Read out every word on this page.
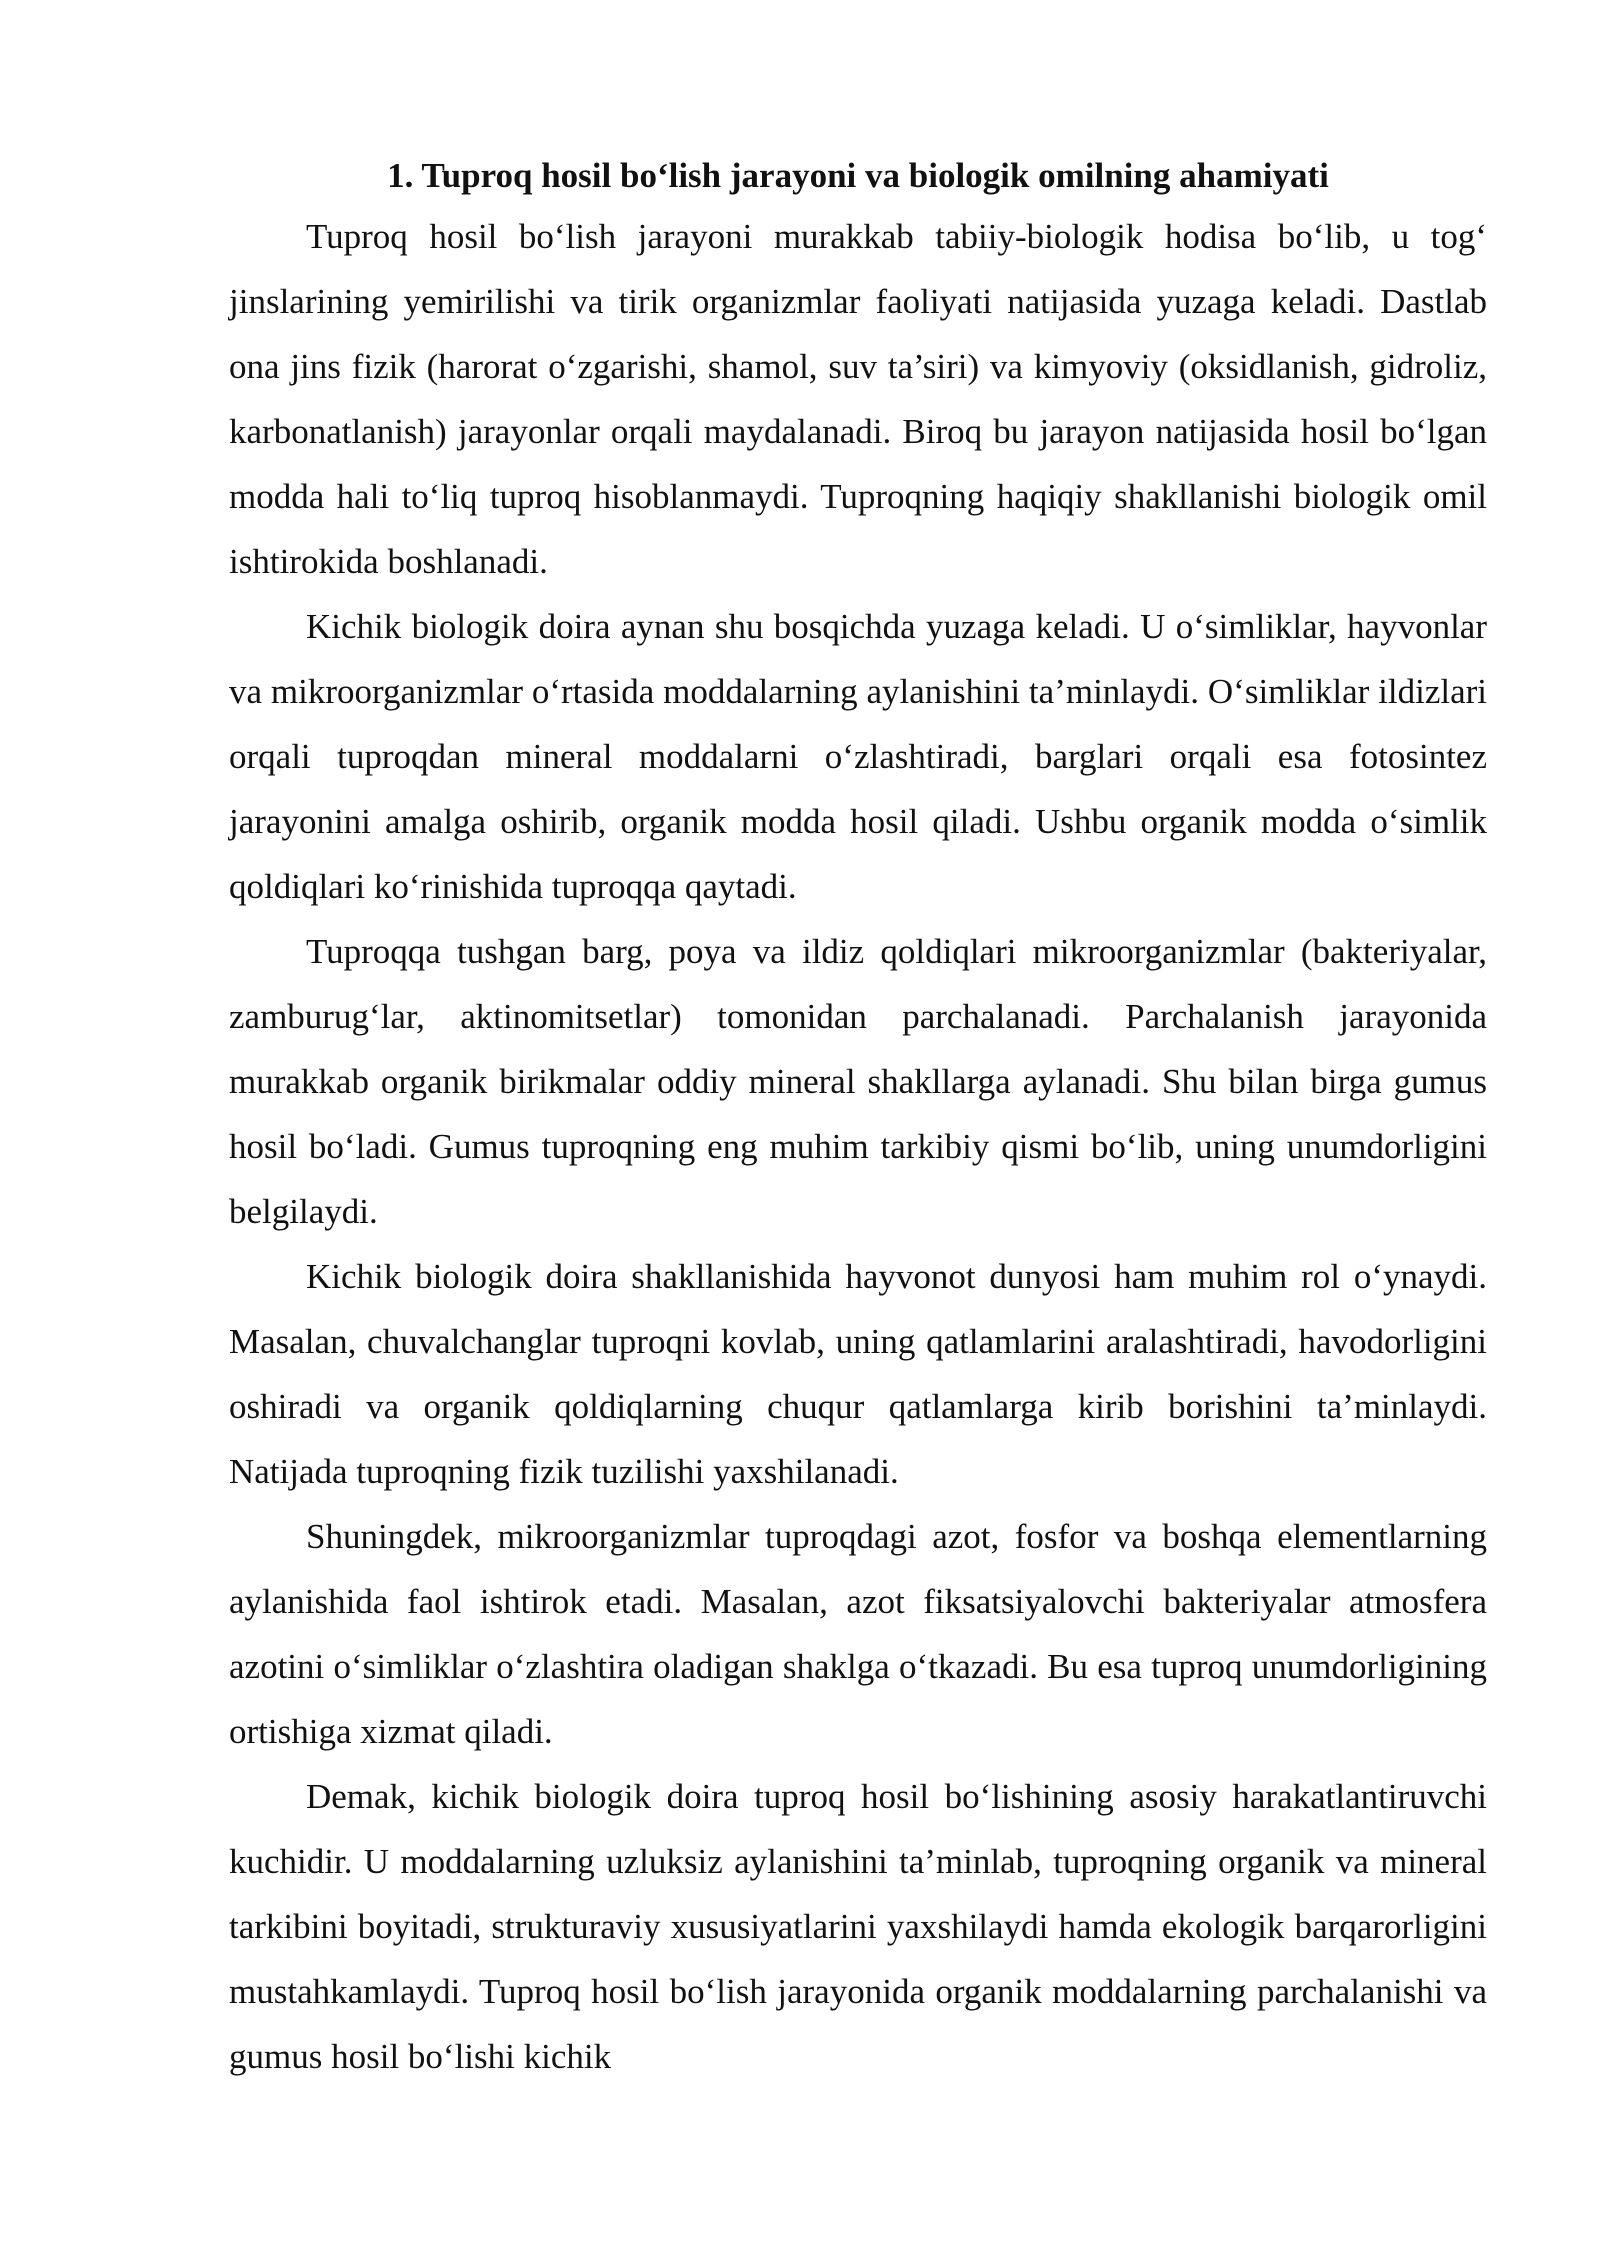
1. Tuproq hosil bo‘lish jarayoni va biologik omilning ahamiyati

Tuproq hosil bo‘lish jarayoni murakkab tabiiy-biologik hodisa bo‘lib, u tog‘ jinslarining yemirilishi va tirik organizmlar faoliyati natijasida yuzaga keladi. Dastlab ona jins fizik (harorat o‘zgarishi, shamol, suv ta’siri) va kimyoviy (oksidlanish, gidroliz, karbonatlanish) jarayonlar orqali maydalanadi. Biroq bu jarayon natijasida hosil bo‘lgan modda hali to‘liq tuproq hisoblanmaydi. Tuproqning haqiqiy shakllanishi biologik omil ishtirokida boshlanadi.

Kichik biologik doira aynan shu bosqichda yuzaga keladi. U o‘simliklar, hayvonlar va mikroorganizmlar o‘rtasida moddalarning aylanishini ta’minlaydi. O‘simliklar ildizlari orqali tuproqdan mineral moddalarni o‘zlashtiradi, barglari orqali esa fotosintez jarayonini amalga oshirib, organik modda hosil qiladi. Ushbu organik modda o‘simlik qoldiqlari ko‘rinishida tuproqqa qaytadi.

Tuproqqa tushgan barg, poya va ildiz qoldiqlari mikroorganizmlar (bakteriyalar, zamburug‘lar, aktinomitsetlar) tomonidan parchalanadi. Parchalanish jarayonida murakkab organik birikmalar oddiy mineral shakllarga aylanadi. Shu bilan birga gumus hosil bo‘ladi. Gumus tuproqning eng muhim tarkibiy qismi bo‘lib, uning unumdorligini belgilaydi.

Kichik biologik doira shakllanishida hayvonot dunyosi ham muhim rol o‘ynaydi. Masalan, chuvalchanglar tuproqni kovlab, uning qatlamlarini aralashtiradi, havodorligini oshiradi va organik qoldiqlarning chuqur qatlamlarga kirib borishini ta’minlaydi. Natijada tuproqning fizik tuzilishi yaxshilanadi.

Shuningdek, mikroorganizmlar tuproqdagi azot, fosfor va boshqa elementlarning aylanishida faol ishtirok etadi. Masalan, azot fiksatsiyalovchi bakteriyalar atmosfera azotini o‘simliklar o‘zlashtira oladigan shaklga o‘tkazadi. Bu esa tuproq unumdorligining ortishiga xizmat qiladi.

Demak, kichik biologik doira tuproq hosil bo‘lishining asosiy harakatlantiruvchi kuchidir. U moddalarning uzluksiz aylanishini ta’minlab, tuproqning organik va mineral tarkibini boyitadi, strukturaviy xususiyatlarini yaxshilaydi hamda ekologik barqarorligini mustahkamlaydi. Tuproq hosil bo‘lish jarayonida organik moddalarning parchalanishi va gumus hosil bo‘lishi kichik
